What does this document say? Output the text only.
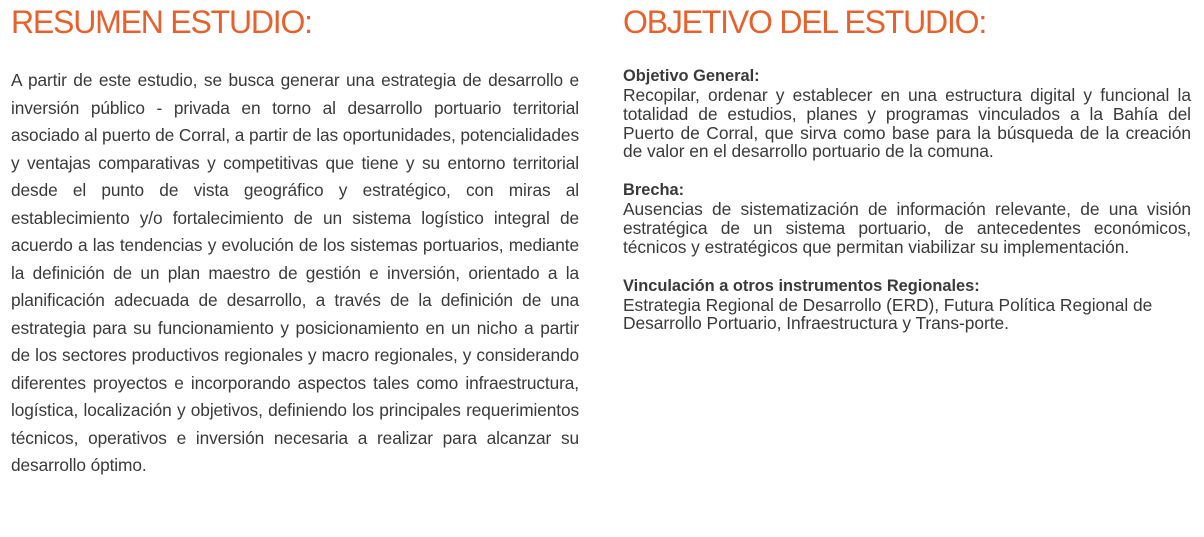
RESUMEN ESTUDIO:

A partir de este estudio, se busca generar una estrategia de desarrollo e inversión público - privada en torno al desarrollo portuario territorial asociado al puerto de Corral, a partir de las oportunidades, potencialidades y ventajas comparativas y competitivas que tiene y su entorno territorial desde el punto de vista geográfico y estratégico, con miras al establecimiento y/o fortalecimiento de un sistema logístico integral de acuerdo a las tendencias y evolución de los sistemas portuarios, mediante la definición de un plan maestro de gestión e inversión, orientado a la planificación adecuada de desarrollo, a través de la definición de una estrategia para su funcionamiento y posicionamiento en un nicho a partir de los sectores productivos regionales y macro regionales, y considerando diferentes proyectos e incorporando aspectos tales como infraestructura, logística, localización y objetivos, definiendo los principales requerimientos técnicos, operativos e inversión necesaria a realizar para alcanzar su desarrollo óptimo.

OBJETIVO DEL ESTUDIO:

Objetivo General:

Recopilar, ordenar y establecer en una estructura digital y funcional la totalidad de estudios, planes y programas vinculados a la Bahía del Puerto de Corral, que sirva como base para la búsqueda de la creación de valor en el desarrollo portuario de la comuna.

Brecha:

Ausencias de sistematización de información relevante, de una visión estratégica de un sistema portuario, de antecedentes económicos, técnicos y estratégicos que permitan viabilizar su implementación.

Vinculación a otros instrumentos Regionales:

Estrategia Regional de Desarrollo (ERD), Futura Política Regional de Desarrollo Portuario, Infraestructura y Trans-porte.
